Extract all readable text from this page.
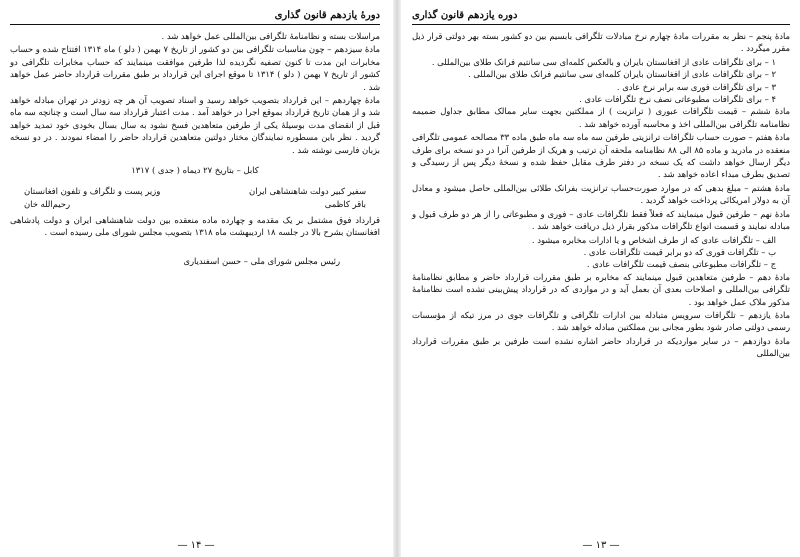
دورهٔ یازدهم قانون گذاری

مراسلات بسته و نظامنامهٔ تلگرافی بین‌المللی عمل خواهد شد .

مادهٔ سیزدهم – چون مناسبات تلگرافی بین دو کشور از تاریخ ۷ بهمن ( دلو ) ماه ۱۳۱۴ افتتاح شده و حساب مخابرات این مدت تا کنون تصفیه نگردیده لذا طرفین موافقت مینمایند که حساب مخابرات تلگرافی دو کشور از تاریخ ۷ بهمن ( دلو ) ۱۳۱۴ تا موقع اجرای این قرارداد بر طبق مقررات قرارداد حاضر عمل خواهد شد .

مادهٔ چهاردهم – این قرارداد بتصویب خواهد رسید و اسناد تصویب آن هر چه زودتر در تهران مبادله خواهد شد و از همان تاریخ قرارداد بموقع اجرا در خواهد آمد . مدت اعتبار قرارداد سه سال است و چنانچه سه ماه قبل از انقضای مدت بوسیلهٔ یکی از طرفین متعاهدین فسخ نشود به سال بسال بخودی خود تمدید خواهد گردید . نظر باین مسطوره نمایندگان مختار دولتین متعاهدین قرارداد حاضر را امضاء نمودند . در دو نسخه بزبان فارسی نوشته شد .

کابل – بتاریخ ۲۷ دیماه ( جدی ) ۱۳۱۷

سفیر کبیر دولت شاهنشاهی ایران
وزیر پست و تلگراف و تلفون افغانستان
باقر کاظمی
رحیم‌الله خان

قرارداد فوق مشتمل بر یک مقدمه و چهارده ماده منعقده بین دولت شاهنشاهی ایران و دولت پادشاهی افغانستان بشرح بالا در جلسه ۱۸ اردیبهشت ماه ۱۳۱۸ بتصویب مجلس شورای ملی رسیده است .

رئیس مجلس شورای ملی – حسن اسفندیاری

— ۱۴ —

دوره یازدهم قانون گذاری

مادهٔ پنجم – نظر به مقررات مادهٔ چهارم نرخ مبادلات تلگرافی بابسیم بین دو کشور بسته بهر دولتی قرار ذیل مقرر میگردد .

۱ – برای تلگرافات عادی از افغانستان بایران و بالعکس کلمه‌ای سی سانتیم فرانک طلای بین‌المللی .

۲ – برای تلگرافات عادی از افغانستان بایران کلمه‌ای سی سانتیم فرانک طلای بین‌المللی .

۳ – برای تلگرافات فوری سه برابر نرخ عادی .

۴ – برای تلگرافات مطبوعاتی نصف نرخ تلگرافات عادی .

مادهٔ ششم – قیمت تلگرافات عبوری ( ترانزیت ) از مملکتین بجهت سایر ممالک مطابق جداول ضمیمه نظامنامه تلگرافی بین‌المللی اخذ و محاسبه آورده خواهد شد .

مادهٔ هفتم – صورت حساب تلگرافات ترانزیتی طرفین سه ماه سه ماه طبق ماده ۳۳ مصالحه عمومی تلگرافی منعقده در مادرید و ماده ۸۵ الی ۸۸ نظامنامه ملحقه آن ترتیب و هریک از طرفین آنرا در دو نسخه برای طرف دیگر ارسال خواهد داشت که یک نسخه در دفتر طرف مقابل حفظ شده و نسخهٔ دیگر پس از رسیدگی و تصدیق بطرف مبداء اعاده خواهد شد .

مادهٔ هشتم – مبلغ بدهی که در موارد صورت‌حساب ترانزیت بفرانک طلائی بین‌المللی حاصل میشود و معادل آن به دولار امریکائی پرداخت خواهد گردید .

مادهٔ نهم – طرفین قبول مینمایند که فعلاً فقط تلگرافات عادی – فوری و مطبوعاتی را از هر دو طرف قبول و مبادله نمایند و قسمت انواع تلگرافات مذکور بقرار ذیل دریافت خواهد شد .

الف – تلگرافات عادی که از طرف اشخاص و یا ادارات مخابره میشود .

ب – تلگرافات فوری که دو برابر قیمت تلگرافات عادی .

ج – تلگرافات مطبوعاتی بنصف قیمت تلگرافات عادی .

مادهٔ دهم – طرفین متعاهدین قبول مینمایند که مخابره بر طبق مقررات قرارداد حاضر و مطابق نظامنامهٔ تلگرافی بین‌المللی و اصلاحات بعدی آن بعمل آید و در مواردی که در قرارداد پیش‌بینی نشده است نظامنامهٔ مذکور ملاک عمل خواهد بود .

مادهٔ یازدهم – تلگرافات سرویس متبادله بین ادارات تلگرافی و تلگرافات جوی در مرز تیکه از مؤسسات رسمی دولتی صادر شود بطور مجانی بین مملکتین مبادله خواهد شد .

مادهٔ دوازدهم – در سایر مواردیکه در قرارداد حاضر اشاره نشده است طرفین بر طبق مقررات قرارداد بین‌المللی

— ۱۳ —
